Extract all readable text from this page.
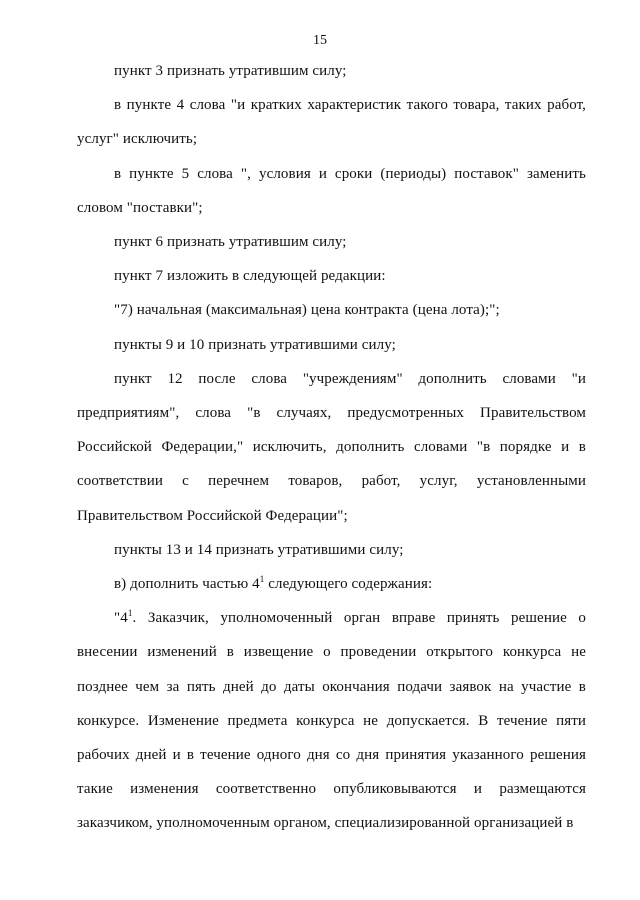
15

пункт 3 признать утратившим силу;

в пункте 4 слова "и кратких характеристик такого товара, таких работ, услуг" исключить;

в пункте 5 слова ", условия и сроки (периоды) поставок" заменить словом "поставки";

пункт 6 признать утратившим силу;

пункт 7 изложить в следующей редакции:

"7) начальная (максимальная) цена контракта (цена лота);";

пункты 9 и 10 признать утратившими силу;

пункт 12 после слова "учреждениям" дополнить словами "и предприятиям", слова "в случаях, предусмотренных Правительством Российской Федерации," исключить, дополнить словами "в порядке и в соответствии с перечнем товаров, работ, услуг, установленными Правительством Российской Федерации";

пункты 13 и 14 признать утратившими силу;

в) дополнить частью $4^1$ следующего содержания:

"$4^1$. Заказчик, уполномоченный орган вправе принять решение о внесении изменений в извещение о проведении открытого конкурса не позднее чем за пять дней до даты окончания подачи заявок на участие в конкурсе. Изменение предмета конкурса не допускается. В течение пяти рабочих дней и в течение одного дня со дня принятия указанного решения такие изменения соответственно опубликовываются и размещаются заказчиком, уполномоченным органом, специализированной организацией в
